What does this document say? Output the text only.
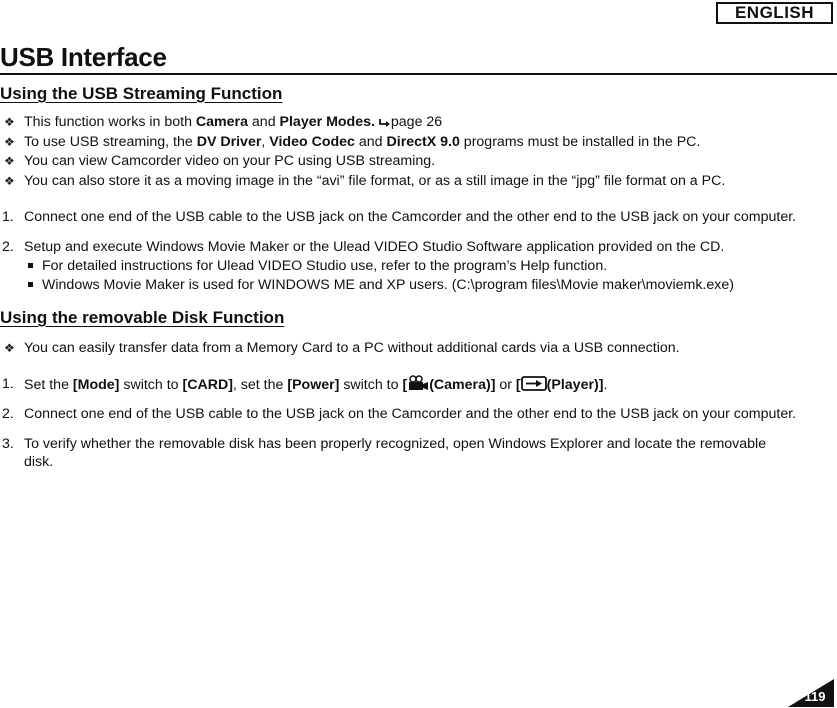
ENGLISH
USB Interface
Using the USB Streaming Function
❖ This function works in both Camera and Player Modes. page 26
❖ To use USB streaming, the DV Driver, Video Codec and DirectX 9.0 programs must be installed in the PC.
❖ You can view Camcorder video on your PC using USB streaming.
❖ You can also store it as a moving image in the “avi” file format, or as a still image in the “jpg” file format on a PC.
1. Connect one end of the USB cable to the USB jack on the Camcorder and the other end to the USB jack on your computer.
2. Setup and execute Windows Movie Maker or the Ulead VIDEO Studio Software application provided on the CD.
For detailed instructions for Ulead VIDEO Studio use, refer to the program’s Help function.
Windows Movie Maker is used for WINDOWS ME and XP users. (C:\program files\Movie maker\moviemk.exe)
Using the removable Disk Function
❖ You can easily transfer data from a Memory Card to a PC without additional cards via a USB connection.
1. Set the [Mode] switch to [CARD], set the [Power] switch to [ (Camera)] or [ (Player)].
2. Connect one end of the USB cable to the USB jack on the Camcorder and the other end to the USB jack on your computer.
3. To verify whether the removable disk has been properly recognized, open Windows Explorer and locate the removable
disk.
119
